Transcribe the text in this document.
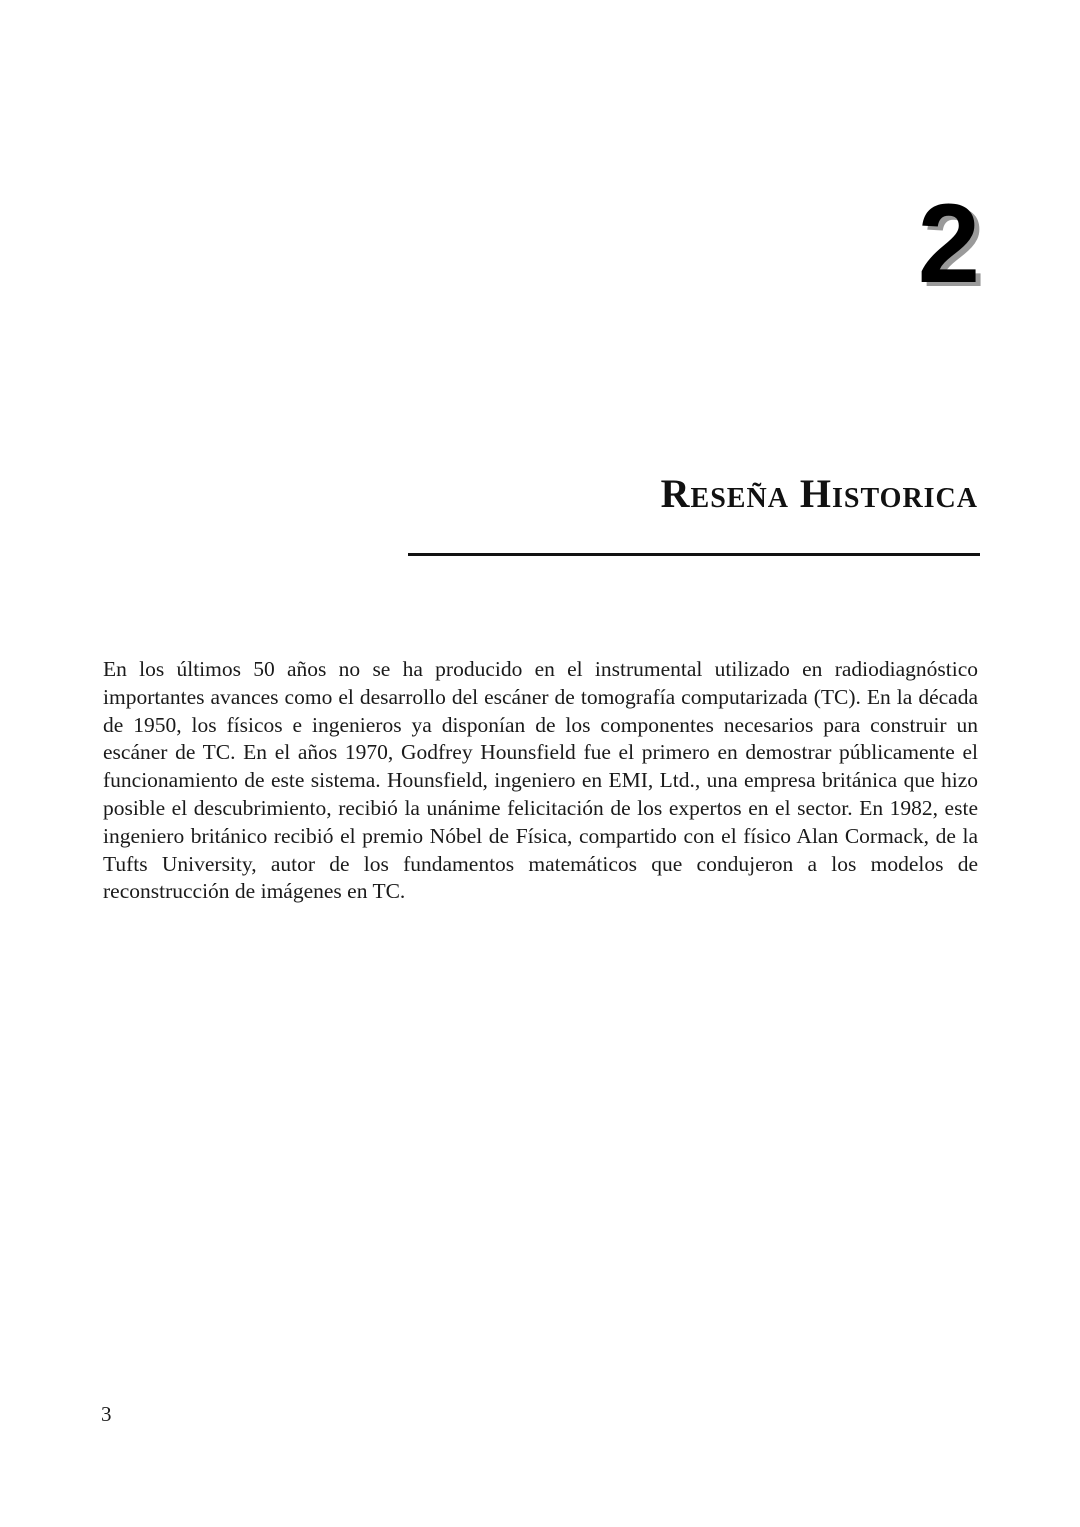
2
Reseña Historica

En los últimos 50 años no se ha producido en el instrumental utilizado en radiodiagnóstico importantes avances como el desarrollo del escáner de tomografía computarizada (TC). En la década de 1950, los físicos e ingenieros ya disponían de los componentes necesarios para construir un escáner de TC. En el años 1970, Godfrey Hounsfield fue el primero en demostrar públicamente el funcionamiento de este sistema. Hounsfield, ingeniero en EMI, Ltd., una empresa británica que hizo posible el descubrimiento, recibió la unánime felicitación de los expertos en el sector. En 1982, este ingeniero británico recibió el premio Nóbel de Física, compartido con el físico Alan Cormack, de la Tufts University, autor de los fundamentos matemáticos que condujeron a los modelos de reconstrucción de imágenes en TC.

3
